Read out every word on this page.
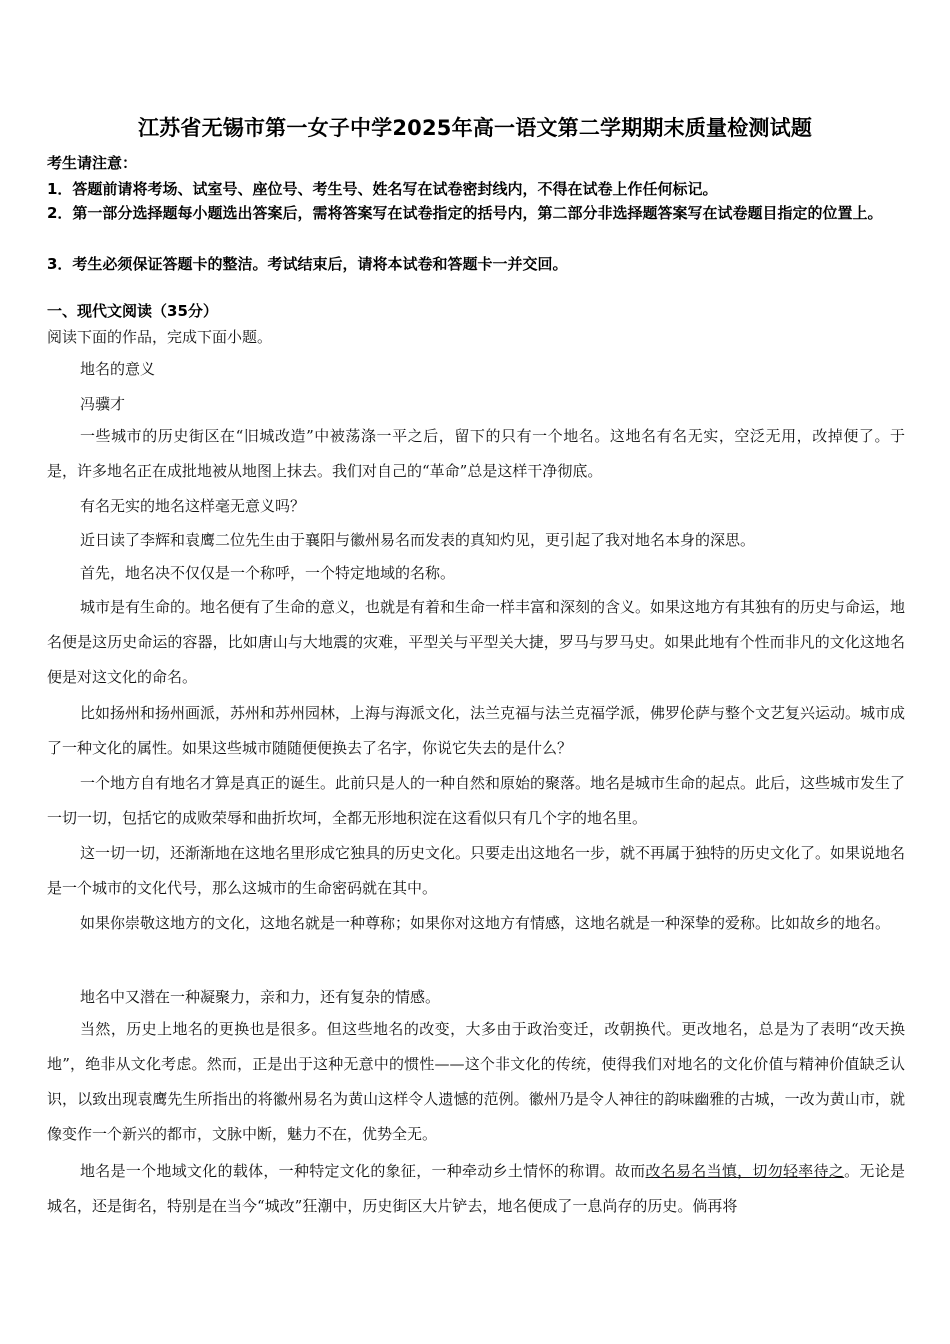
江苏省无锡市第一女子中学2025年高一语文第二学期期末质量检测试题
考生请注意：
1．答题前请将考场、试室号、座位号、考生号、姓名写在试卷密封线内，不得在试卷上作任何标记。
2．第一部分选择题每小题选出答案后，需将答案写在试卷指定的括号内，第二部分非选择题答案写在试卷题目指定的位置上。
3．考生必须保证答题卡的整洁。考试结束后，请将本试卷和答题卡一并交回。
一、现代文阅读（35分）
阅读下面的作品，完成下面小题。
地名的意义
冯骥才

一些城市的历史街区在“旧城改造”中被荡涤一平之后，留下的只有一个地名。这地名有名无实，空泛无用，改掉便了。于是，许多地名正在成批地被从地图上抹去。我们对自己的“革命”总是这样干净彻底。

有名无实的地名这样毫无意义吗？

近日读了李辉和袁鹰二位先生由于襄阳与徽州易名而发表的真知灼见，更引起了我对地名本身的深思。

首先，地名决不仅仅是一个称呼，一个特定地域的名称。

城市是有生命的。地名便有了生命的意义，也就是有着和生命一样丰富和深刻的含义。如果这地方有其独有的历史与命运，地名便是这历史命运的容器，比如唐山与大地震的灾难，平型关与平型关大捷，罗马与罗马史。如果此地有个性而非凡的文化这地名便是对这文化的命名。

比如扬州和扬州画派，苏州和苏州园林，上海与海派文化，法兰克福与法兰克福学派，佛罗伦萨与整个文艺复兴运动。城市成了一种文化的属性。如果这些城市随随便便换去了名字，你说它失去的是什么？

一个地方自有地名才算是真正的诞生。此前只是人的一种自然和原始的聚落。地名是城市生命的起点。此后，这些城市发生了一切一切，包括它的成败荣辱和曲折坎坷，全都无形地积淀在这看似只有几个字的地名里。

这一切一切，还渐渐地在这地名里形成它独具的历史文化。只要走出这地名一步，就不再属于独特的历史文化了。如果说地名是一个城市的文化代号，那么这城市的生命密码就在其中。

如果你崇敬这地方的文化，这地名就是一种尊称；如果你对这地方有情感，这地名就是一种深挚的爱称。比如故乡的地名。

地名中又潜在一种凝聚力，亲和力，还有复杂的情感。

当然，历史上地名的更换也是很多。但这些地名的改变，大多由于政治变迁，改朝换代。更改地名，总是为了表明“改天换地”，绝非从文化考虑。然而，正是出于这种无意中的惯性——这个非文化的传统，使得我们对地名的文化价值与精神价值缺乏认识，以致出现袁鹰先生所指出的将徽州易名为黄山这样令人遗憾的范例。徽州乃是令人神往的韵味幽雅的古城，一改为黄山市，就像变作一个新兴的都市，文脉中断，魅力不在，优势全无。

地名是一个地域文化的载体，一种特定文化的象征，一种牵动乡土情怀的称谓。故而改名易名当慎，切勿轻率待之。无论是城名，还是街名，特别是在当今“城改”狂潮中，历史街区大片铲去，地名便成了一息尚存的历史。倘再将
